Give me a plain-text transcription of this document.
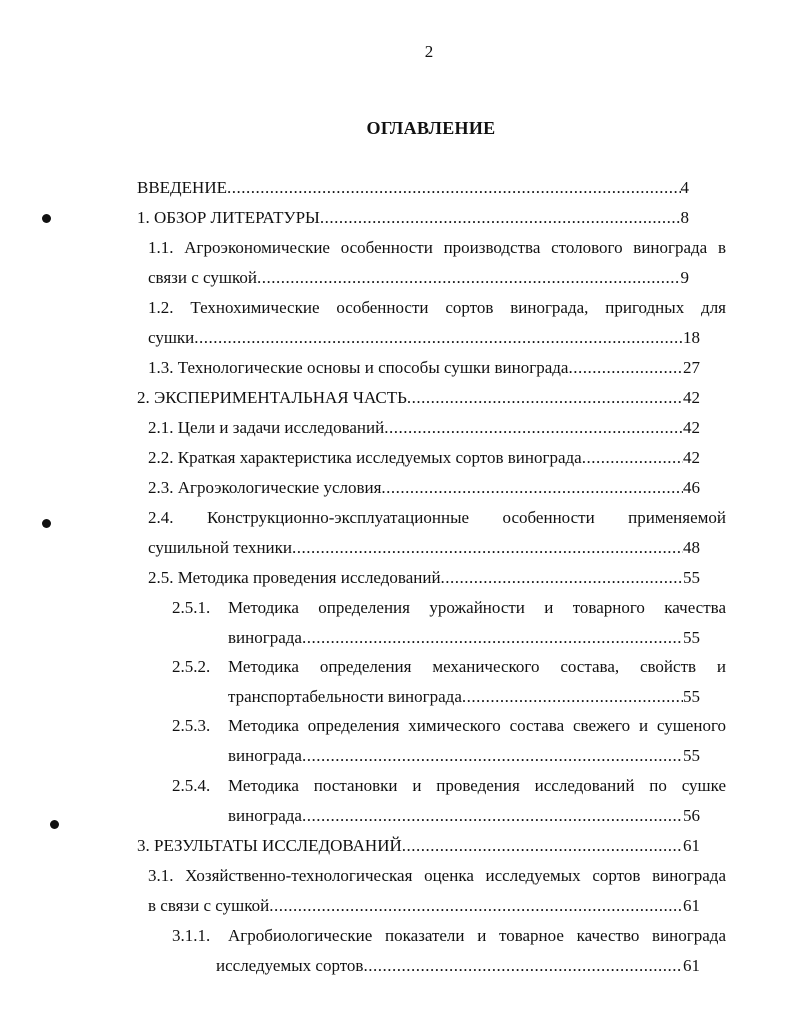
2
ОГЛАВЛЕНИЕ
ВВЕДЕНИЕ .....	4
1. ОБЗОР ЛИТЕРАТУРЫ .....	8
1.1. Агроэкономические особенности производства столового винограда в
связи с сушкой .....	9
1.2. Технохимические особенности сортов винограда, пригодных для
сушки .....	18
1.3. Технологические основы и способы сушки винограда .....	27
2. ЭКСПЕРИМЕНТАЛЬНАЯ ЧАСТЬ .....	42
2.1. Цели и задачи исследований .....	42
2.2. Краткая характеристика исследуемых сортов винограда .....	42
2.3. Агроэкологические условия .....	46
2.4. Конструкционно-эксплуатационные особенности применяемой
сушильной техники .....	48
2.5. Методика проведения исследований .....	55
2.5.1. Методика определения урожайности и товарного качества
винограда .....	55
2.5.2. Методика определения механического состава, свойств и
транспортабельности винограда .....	55
2.5.3. Методика определения химического состава свежего и сушеного
винограда .....	55
2.5.4. Методика постановки и проведения исследований по сушке
винограда .....	56
3. РЕЗУЛЬТАТЫ ИССЛЕДОВАНИЙ .....	61
3.1. Хозяйственно-технологическая оценка исследуемых сортов винограда
в связи с сушкой .....	61
3.1.1. Агробиологические показатели и товарное качество винограда
исследуемых сортов .....	61
